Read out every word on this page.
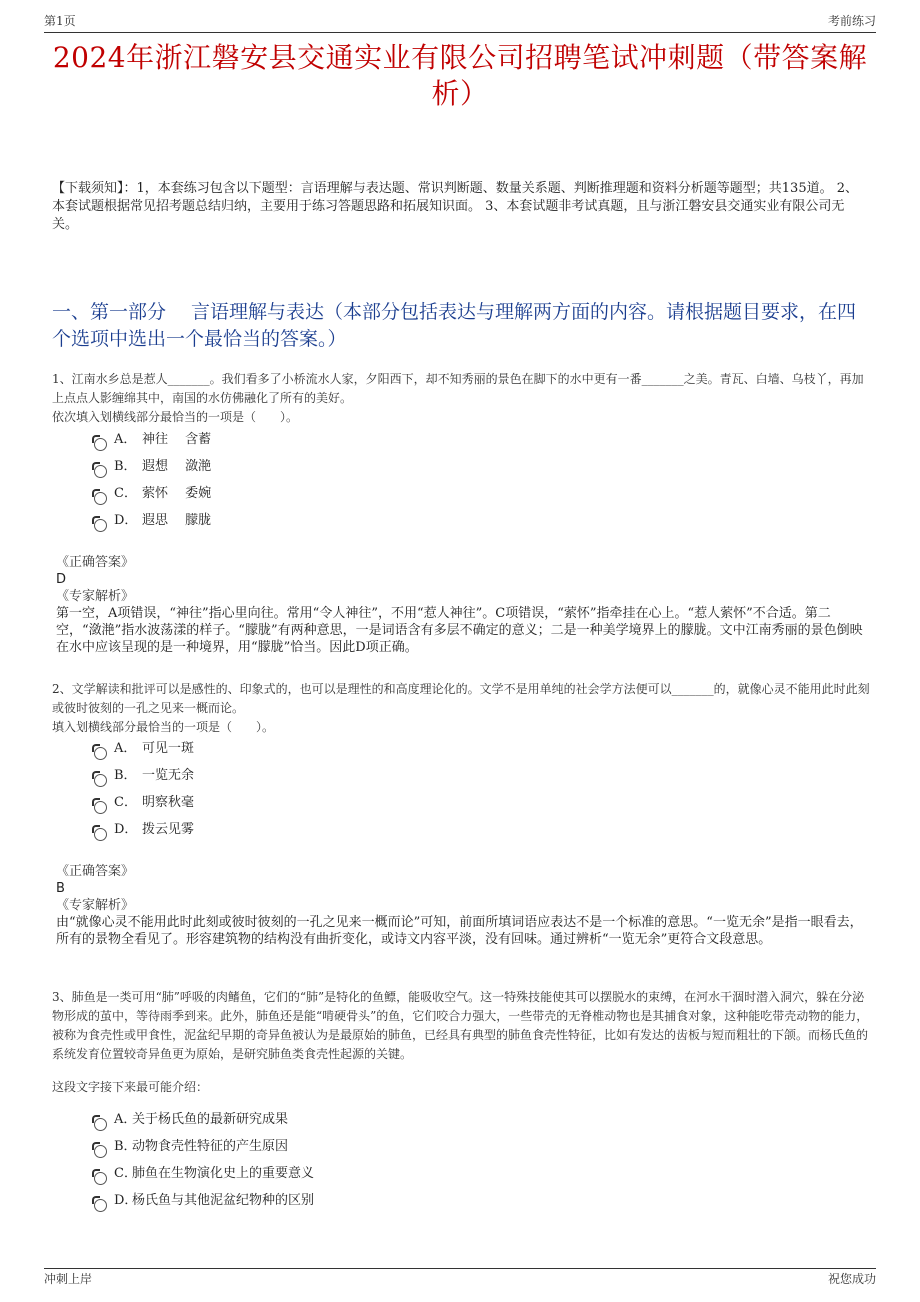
第1页	考前练习
2024年浙江磐安县交通实业有限公司招聘笔试冲刺题（带答案解析）
【下载须知】：1，本套练习包含以下题型：言语理解与表达题、常识判断题、数量关系题、判断推理题和资料分析题等题型；共135道。 2、本套试题根据常见招考题总结归纳，主要用于练习答题思路和拓展知识面。 3、本套试题非考试真题，且与浙江磐安县交通实业有限公司无关。
一、第一部分　 言语理解与表达（本部分包括表达与理解两方面的内容。请根据题目要求，在四个选项中选出一个最恰当的答案。）
1、江南水乡总是惹人_______。我们看多了小桥流水人家，夕阳西下，却不知秀丽的景色在脚下的水中更有一番_______之美。青瓦、白墙、乌枝丫，再加上点点人影缠绵其中，南国的水仿佛融化了所有的美好。
依次填入划横线部分最恰当的一项是（　　）。
A． 神往　 含蓄
B． 遐想　 潋滟
C． 萦怀　 委婉
D． 遐思　 朦胧
《正确答案》
D
《专家解析》
第一空，A项错误，“神往”指心里向往。常用“令人神往”，不用“惹人神往”。C项错误，“萦怀”指牵挂在心上。“惹人萦怀”不合适。第二空，“潋滟”指水波荡漾的样子。“朦胧”有两种意思，一是词语含有多层不确定的意义；二是一种美学境界上的朦胧。文中江南秀丽的景色倒映在水中应该呈现的是一种境界，用“朦胧”恰当。因此D项正确。
2、文学解读和批评可以是感性的、印象式的，也可以是理性的和高度理论化的。文学不是用单纯的社会学方法便可以_______的，就像心灵不能用此时此刻或彼时彼刻的一孔之见来一概而论。
填入划横线部分最恰当的一项是（　　）。
A． 可见一斑
B． 一览无余
C． 明察秋毫
D． 拨云见雾
《正确答案》
B
《专家解析》
由“就像心灵不能用此时此刻或彼时彼刻的一孔之见来一概而论”可知，前面所填词语应表达不是一个标准的意思。“一览无余”是指一眼看去，所有的景物全看见了。形容建筑物的结构没有曲折变化，或诗文内容平淡，没有回味。通过辨析“一览无余”更符合文段意思。
3、肺鱼是一类可用“肺”呼吸的肉鳍鱼，它们的“肺”是特化的鱼鳔，能吸收空气。这一特殊技能使其可以摆脱水的束缚，在河水干涸时潜入洞穴，躲在分泌物形成的茧中，等待雨季到来。此外，肺鱼还是能“啃硬骨头”的鱼，它们咬合力强大，一些带壳的无脊椎动物也是其捕食对象，这种能吃带壳动物的能力，被称为食壳性或甲食性，泥盆纪早期的奇异鱼被认为是最原始的肺鱼，已经具有典型的肺鱼食壳性特征，比如有发达的齿板与短而粗壮的下颌。而杨氏鱼的系统发育位置较奇异鱼更为原始，是研究肺鱼类食壳性起源的关键。
这段文字接下来最可能介绍：
A．
关于杨氏鱼的最新研究成果
B．
动物食壳性特征的产生原因
C．
肺鱼在生物演化史上的重要意义
D．
杨氏鱼与其他泥盆纪物种的区别
冲刺上岸	祝您成功
